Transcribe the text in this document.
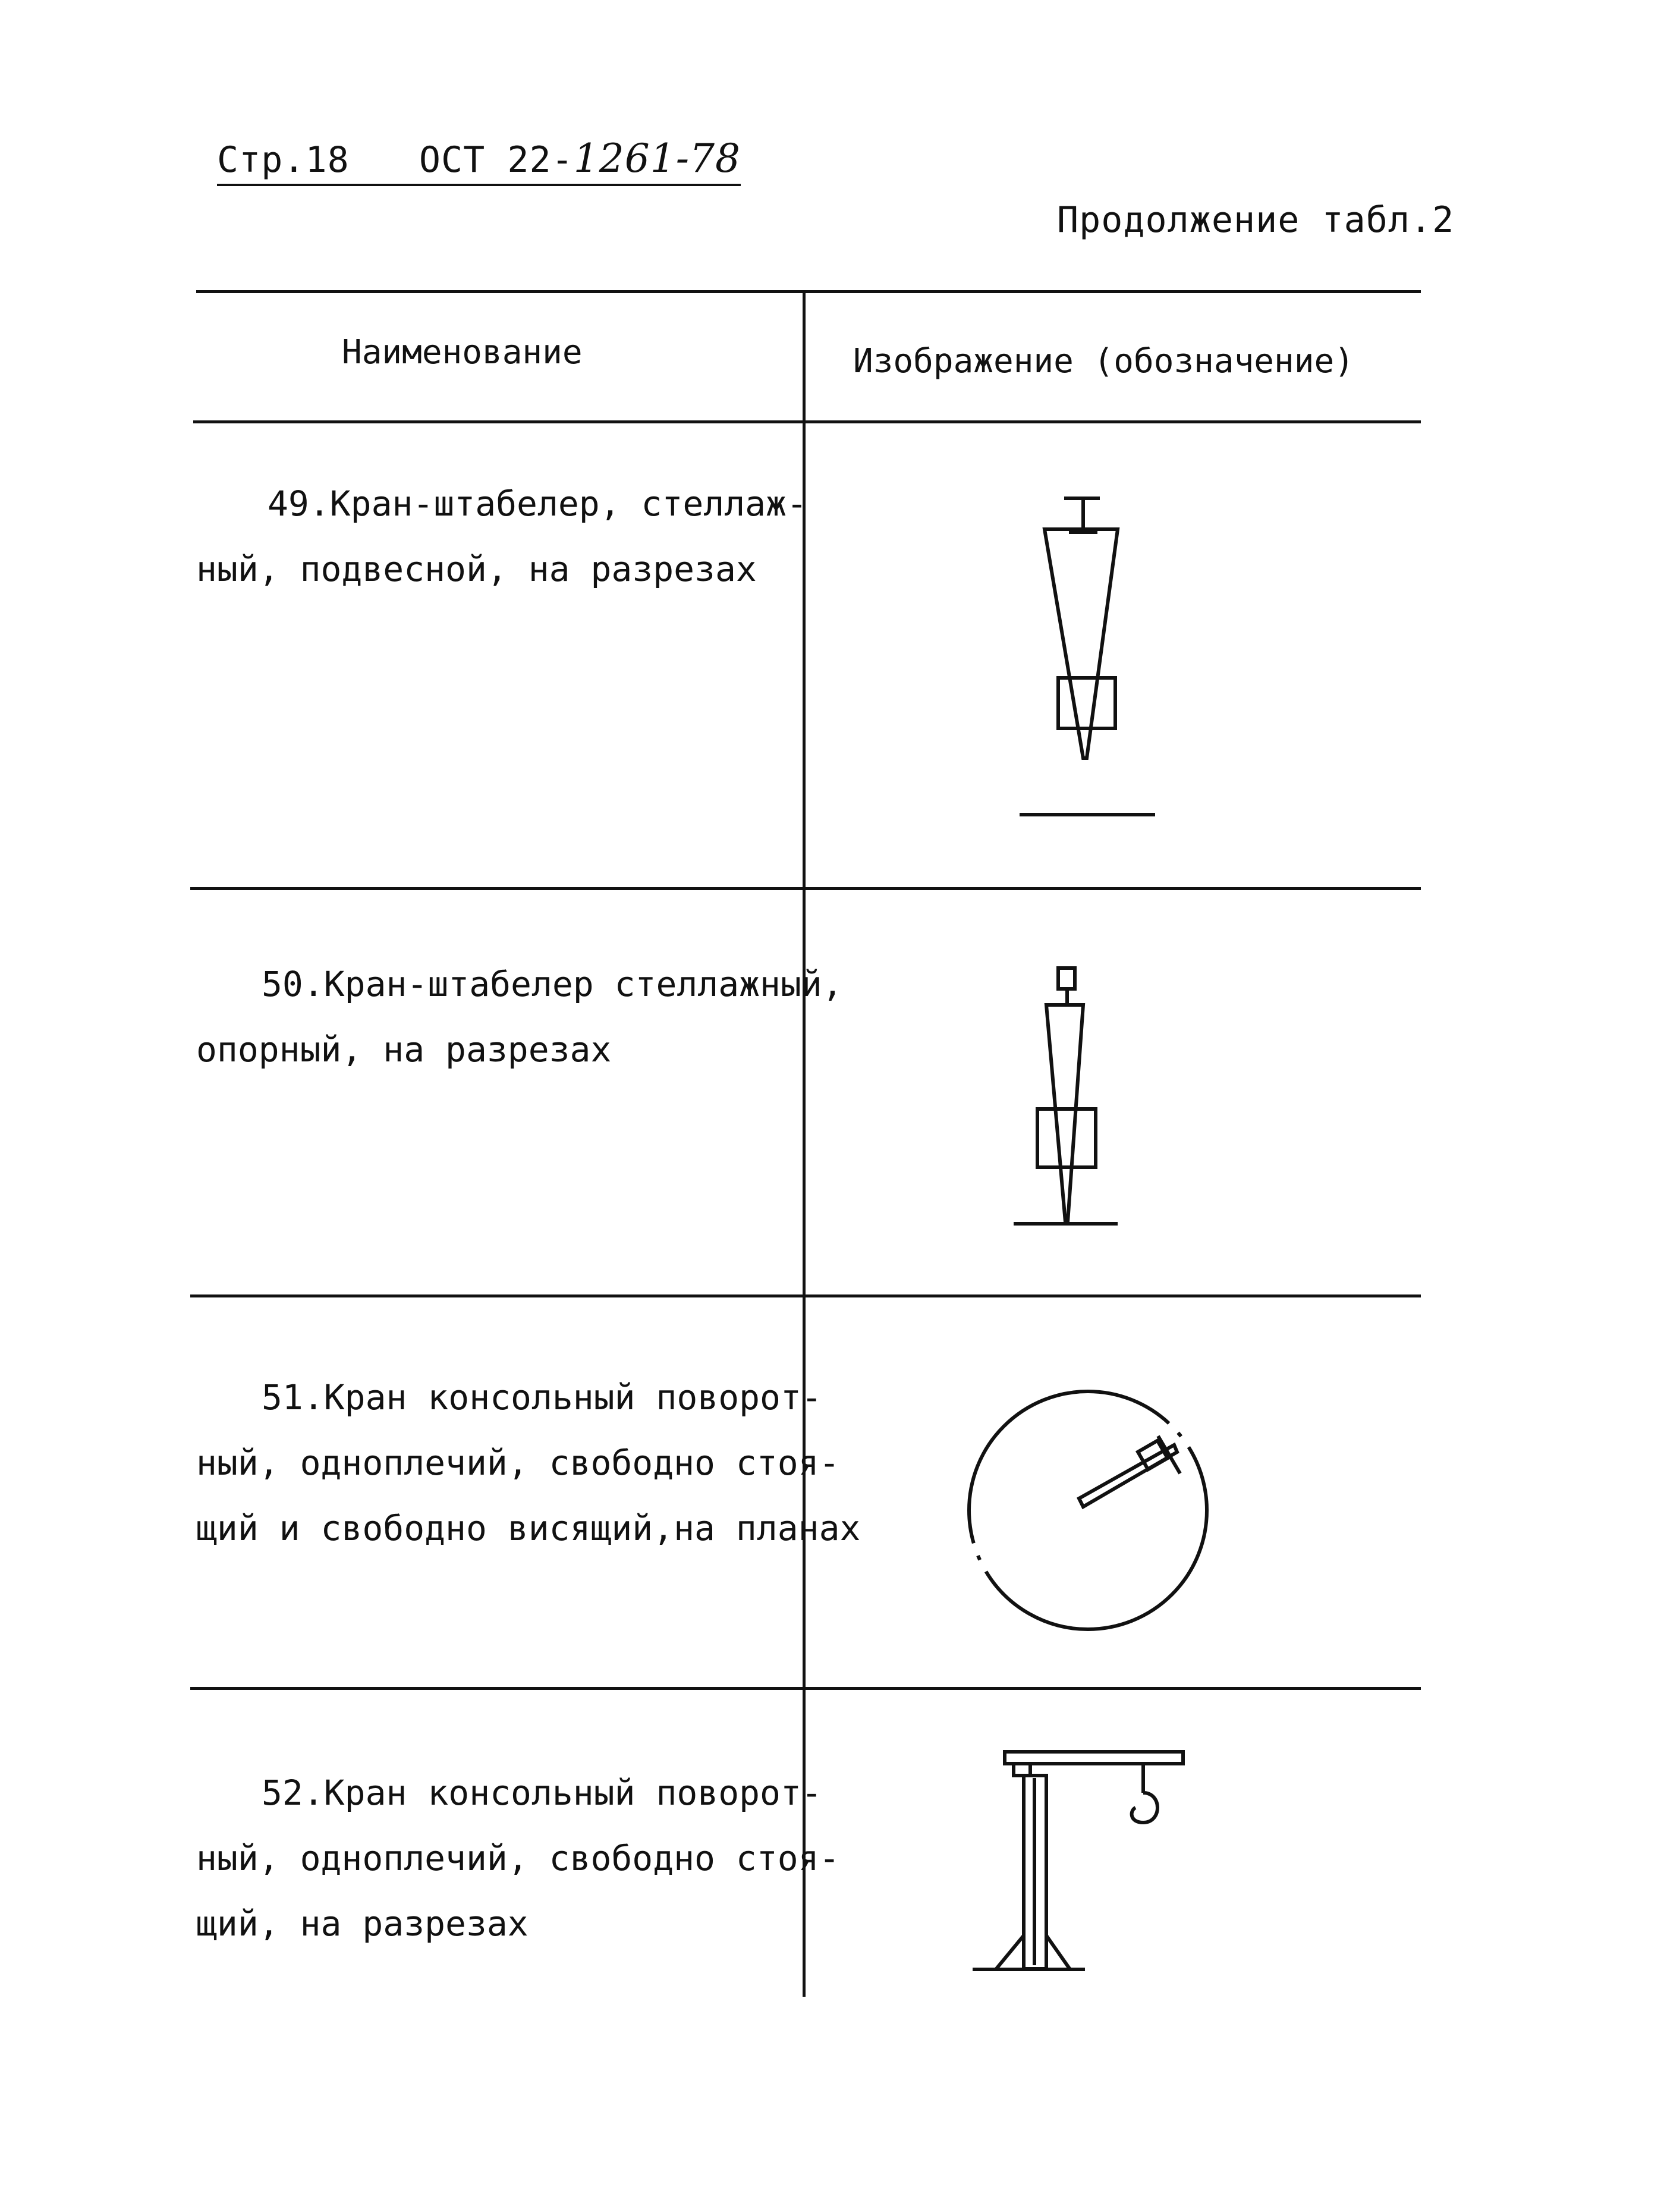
Стр.18 ОСТ 22-1261-78
Продолжение табл.2
Наименование	Изображение (обозначение)
49.Кран-штабелер, стеллаж-
ный, подвесной, на разрезах
50.Кран-штабелер стеллажный,
опорный, на разрезах
51.Кран консольный поворот-
ный, одноплечий, свободно стоя-
щий и свободно висящий,на планах
52.Кран консольный поворот-
ный, одноплечий, свободно стоя-
щий, на разрезах
